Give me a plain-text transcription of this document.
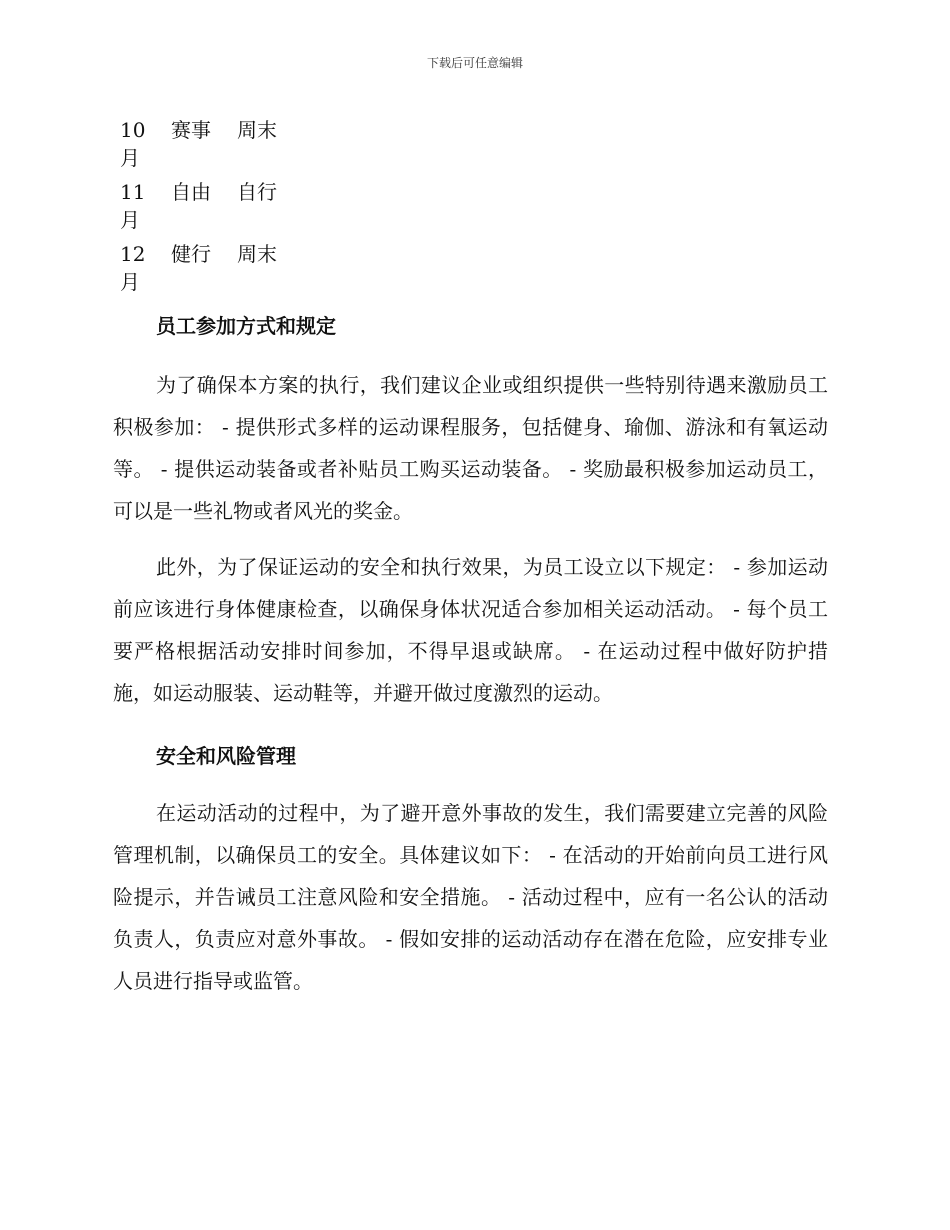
下载后可任意编辑
10
月
赛事 周末
11
月
自由 自行
12
月
健行 周末
员工参加方式和规定

为了确保本方案的执行，我们建议企业或组织提供一些特别待遇来激励员工积极参加： - 提供形式多样的运动课程服务，包括健身、瑜伽、游泳和有氧运动等。 - 提供运动装备或者补贴员工购买运动装备。 - 奖励最积极参加运动员工，可以是一些礼物或者风光的奖金。

此外，为了保证运动的安全和执行效果，为员工设立以下规定： - 参加运动前应该进行身体健康检查，以确保身体状况适合参加相关运动活动。 - 每个员工要严格根据活动安排时间参加，不得早退或缺席。 - 在运动过程中做好防护措施，如运动服装、运动鞋等，并避开做过度激烈的运动。

安全和风险管理

在运动活动的过程中，为了避开意外事故的发生，我们需要建立完善的风险管理机制，以确保员工的安全。具体建议如下： - 在活动的开始前向员工进行风险提示，并告诫员工注意风险和安全措施。 - 活动过程中，应有一名公认的活动负责人，负责应对意外事故。 - 假如安排的运动活动存在潜在危险，应安排专业人员进行指导或监管。
